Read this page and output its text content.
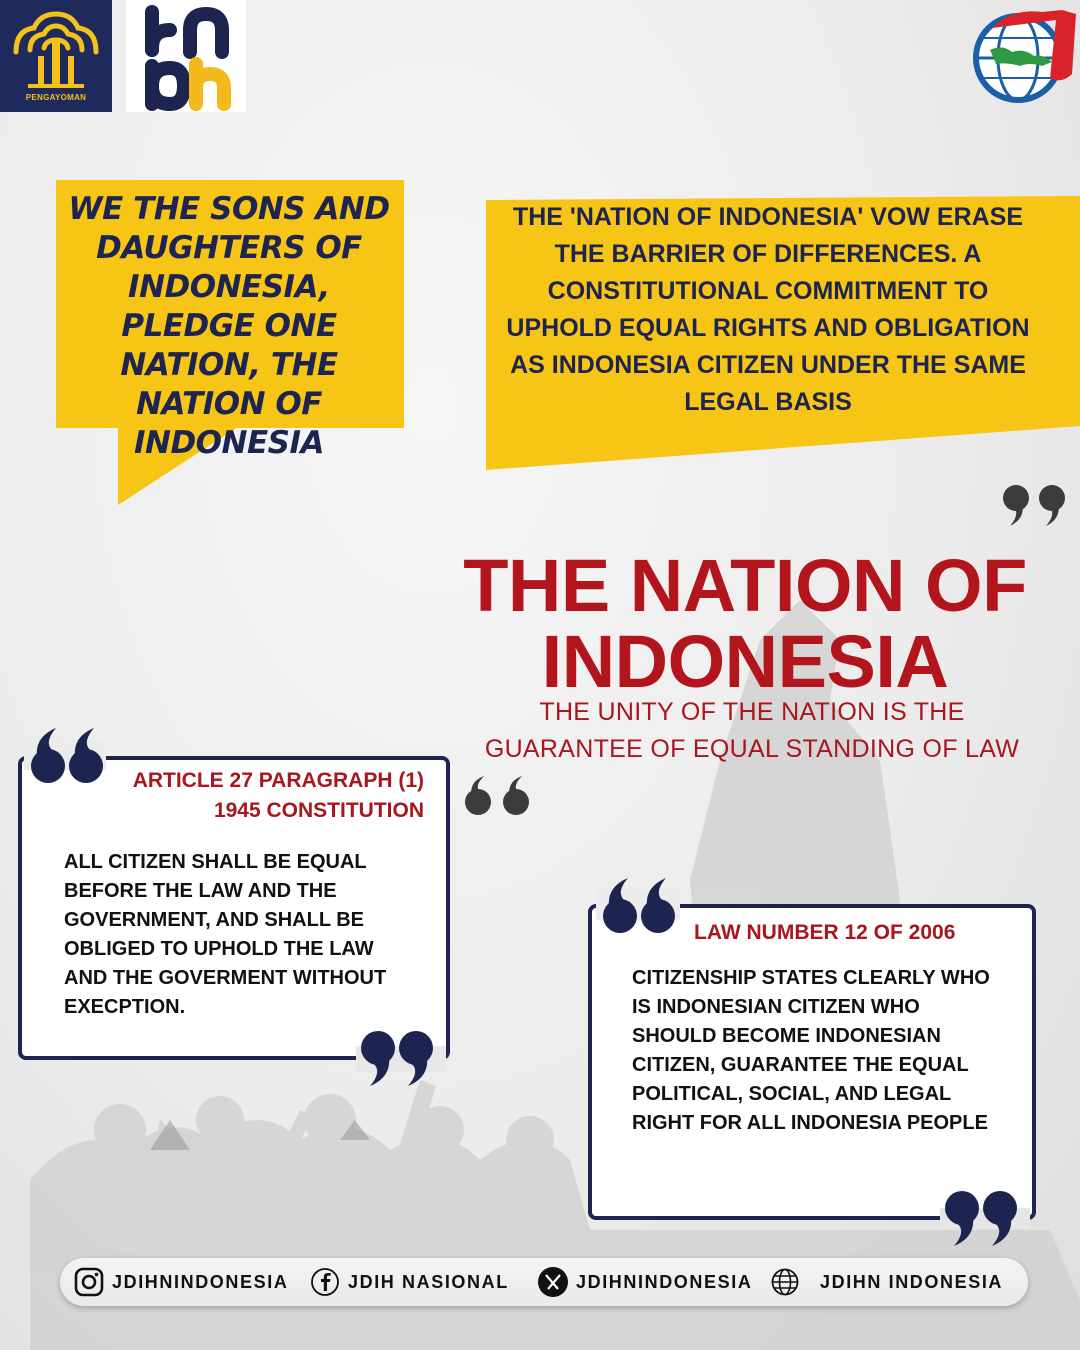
PENGAYOMAN
WE THE SONS AND DAUGHTERS OF INDONESIA, PLEDGE ONE NATION, THE NATION OF INDONESIA
THE 'NATION OF INDONESIA' VOW ERASE THE BARRIER OF DIFFERENCES. A CONSTITUTIONAL COMMITMENT TO UPHOLD EQUAL RIGHTS AND OBLIGATION AS INDONESIA CITIZEN UNDER THE SAME LEGAL BASIS
THE NATION OF INDONESIA
THE UNITY OF THE NATION IS THE GUARANTEE OF EQUAL STANDING OF LAW
ARTICLE 27 PARAGRAPH (1) 1945 CONSTITUTION
ALL CITIZEN SHALL BE EQUAL BEFORE THE LAW AND THE GOVERNMENT, AND SHALL BE OBLIGED TO UPHOLD THE LAW AND THE GOVERMENT WITHOUT EXECPTION.
LAW NUMBER 12 OF 2006
CITIZENSHIP STATES CLEARLY WHO IS INDONESIAN CITIZEN WHO SHOULD BECOME INDONESIAN CITIZEN, GUARANTEE THE EQUAL POLITICAL, SOCIAL, AND LEGAL RIGHT FOR ALL INDONESIA PEOPLE
JDIHNINDONESIA	JDIH NASIONAL	JDIHNINDONESIA	JDIHN INDONESIA
